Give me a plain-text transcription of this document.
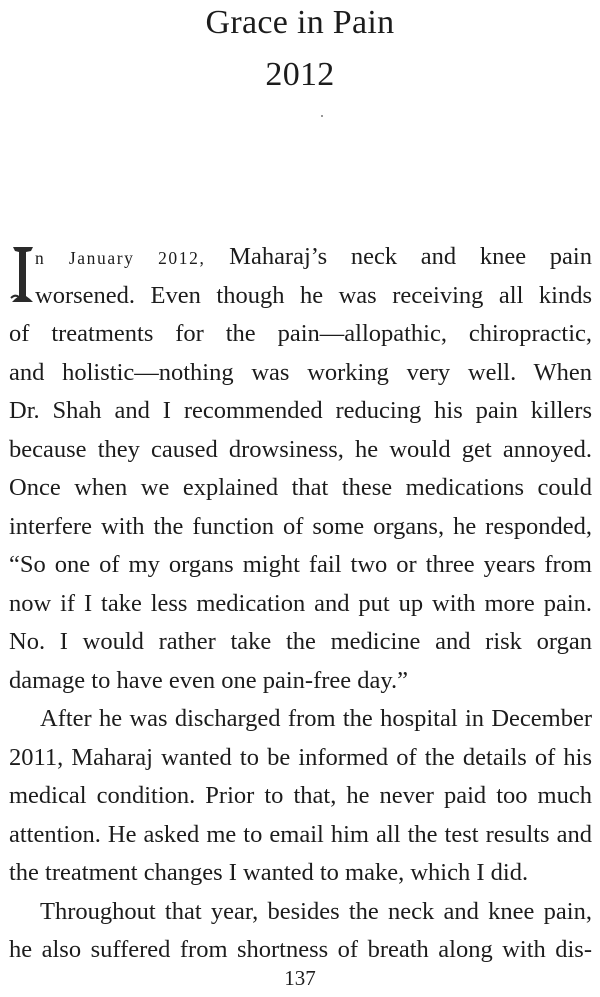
Grace in Pain
2012
n January 2012, Maharaj’s neck and knee pain
worsened. Even though he was receiving all kinds
of treatments for the pain—allopathic, chiropractic,
and holistic—nothing was working very well. When
Dr. Shah and I recommended reducing his pain killers
because they caused drowsiness, he would get annoyed.
Once when we explained that these medications could
interfere with the function of some organs, he responded,
“So one of my organs might fail two or three years from
now if I take less medication and put up with more pain.
No. I would rather take the medicine and risk organ
damage to have even one pain-free day.”
After he was discharged from the hospital in December
2011, Maharaj wanted to be informed of the details of his
medical condition. Prior to that, he never paid too much
attention. He asked me to email him all the test results and
the treatment changes I wanted to make, which I did.
Throughout that year, besides the neck and knee pain,
he also suffered from shortness of breath along with dis-
137
